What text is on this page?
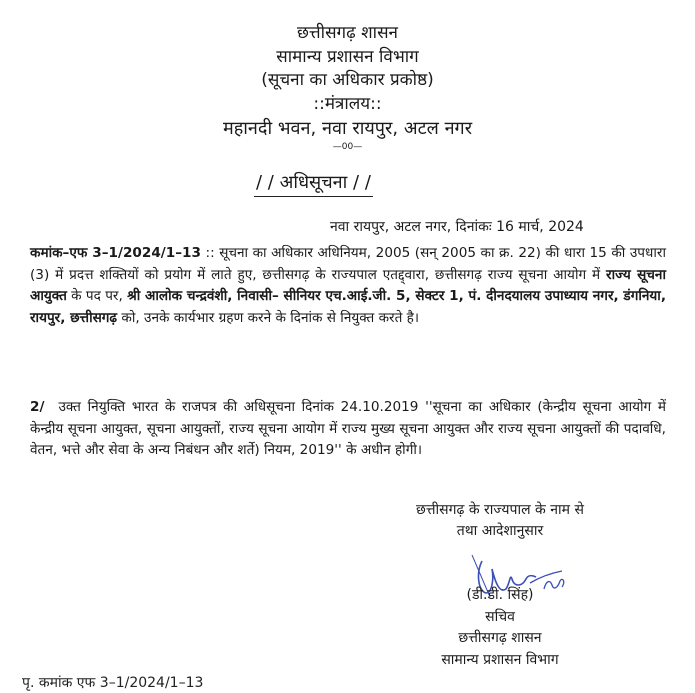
छत्तीसगढ़ शासन
सामान्य प्रशासन विभाग
(सूचना का अधिकार प्रकोष्ठ)
::मंत्रालय::
महानदी भवन, नवा रायपुर, अटल नगर
—00—
/ / अधिसूचना / /
नवा रायपुर, अटल नगर, दिनांकः 16 मार्च, 2024
कमांक–एफ 3–1/2024/1–13 :: सूचना का अधिकार अधिनियम, 2005 (सन् 2005 का क्र. 22) की धारा 15 की उपधारा (3) में प्रदत्त शक्तियों को प्रयोग में लाते हुए, छत्तीसगढ़ के राज्यपाल एतद्द्वारा, छत्तीसगढ़ राज्य सूचना आयोग में राज्य सूचना आयुक्त के पद पर, श्री आलोक चन्द्रवंशी, निवासी– सीनियर एच.आई.जी. 5, सेक्टर 1, पं. दीनदयालय उपाध्याय नगर, डंगनिया, रायपुर, छत्तीसगढ़ को, उनके कार्यभार ग्रहण करने के दिनांक से नियुक्त करते है।
2/ उक्त नियुक्ति भारत के राजपत्र की अधिसूचना दिनांक 24.10.2019 ''सूचना का अधिकार (केन्द्रीय सूचना आयोग में केन्द्रीय सूचना आयुक्त, सूचना आयुक्तों, राज्य सूचना आयोग में राज्य मुख्य सूचना आयुक्त और राज्य सूचना आयुक्तों की पदावधि, वेतन, भत्ते और सेवा के अन्य निबंधन और शर्ते) नियम, 2019'' के अधीन होगी।
छत्तीसगढ़ के राज्यपाल के नाम से
तथा आदेशानुसार
(डी.डी. सिंह)
सचिव
छत्तीसगढ़ शासन
सामान्य प्रशासन विभाग
पृ. कमांक एफ 3–1/2024/1–13
